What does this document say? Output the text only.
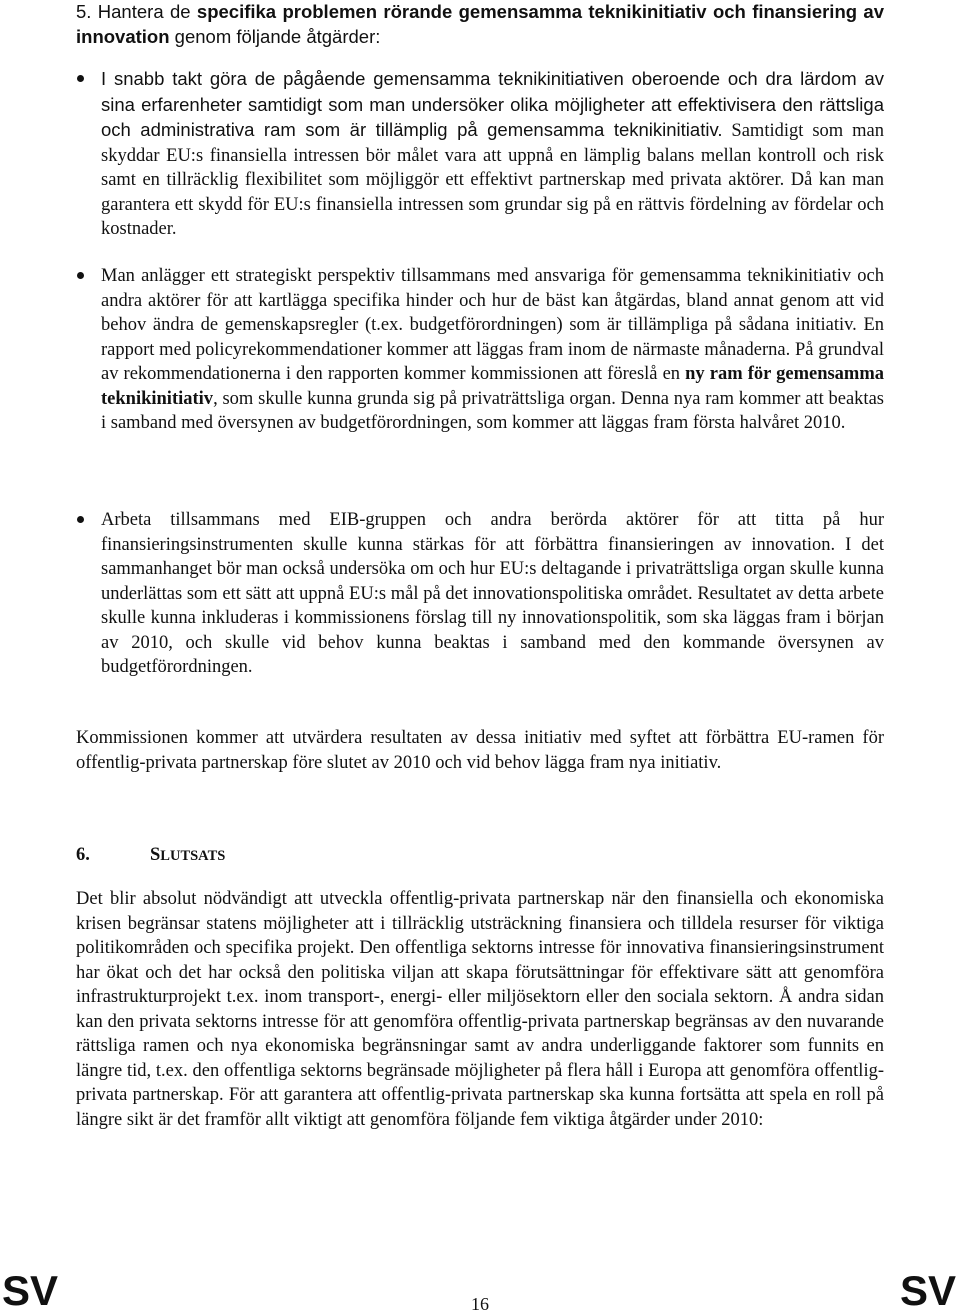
5. Hantera de specifika problemen rörande gemensamma teknikinitiativ och finansiering av innovation genom följande åtgärder:
I snabb takt göra de pågående gemensamma teknikinitiativen oberoende och dra lärdom av sina erfarenheter samtidigt som man undersöker olika möjligheter att effektivisera den rättsliga och administrativa ram som är tillämplig på gemensamma teknikinitiativ. Samtidigt som man skyddar EU:s finansiella intressen bör målet vara att uppnå en lämplig balans mellan kontroll och risk samt en tillräcklig flexibilitet som möjliggör ett effektivt partnerskap med privata aktörer. Då kan man garantera ett skydd för EU:s finansiella intressen som grundar sig på en rättvis fördelning av fördelar och kostnader.
Man anlägger ett strategiskt perspektiv tillsammans med ansvariga för gemensamma teknikinitiativ och andra aktörer för att kartlägga specifika hinder och hur de bäst kan åtgärdas, bland annat genom att vid behov ändra de gemenskapsregler (t.ex. budgetförordningen) som är tillämpliga på sådana initiativ. En rapport med policyrekommendationer kommer att läggas fram inom de närmaste månaderna. På grundval av rekommendationerna i den rapporten kommer kommissionen att föreslå en ny ram för gemensamma teknikinitiativ, som skulle kunna grunda sig på privaträttsliga organ. Denna nya ram kommer att beaktas i samband med översynen av budgetförordningen, som kommer att läggas fram första halvåret 2010.
Arbeta tillsammans med EIB-gruppen och andra berörda aktörer för att titta på hur finansieringsinstrumenten skulle kunna stärkas för att förbättra finansieringen av innovation. I det sammanhanget bör man också undersöka om och hur EU:s deltagande i privaträttsliga organ skulle kunna underlättas som ett sätt att uppnå EU:s mål på det innovationspolitiska området. Resultatet av detta arbete skulle kunna inkluderas i kommissionens förslag till ny innovationspolitik, som ska läggas fram i början av 2010, och skulle vid behov kunna beaktas i samband med den kommande översynen av budgetförordningen.
Kommissionen kommer att utvärdera resultaten av dessa initiativ med syftet att förbättra EU-ramen för offentlig-privata partnerskap före slutet av 2010 och vid behov lägga fram nya initiativ.
6.	SLUTSATS
Det blir absolut nödvändigt att utveckla offentlig-privata partnerskap när den finansiella och ekonomiska krisen begränsar statens möjligheter att i tillräcklig utsträckning finansiera och tilldela resurser för viktiga politikområden och specifika projekt. Den offentliga sektorns intresse för innovativa finansieringsinstrument har ökat och det har också den politiska viljan att skapa förutsättningar för effektivare sätt att genomföra infrastrukturprojekt t.ex. inom transport-, energi- eller miljösektorn eller den sociala sektorn. Å andra sidan kan den privata sektorns intresse för att genomföra offentlig-privata partnerskap begränsas av den nuvarande rättsliga ramen och nya ekonomiska begränsningar samt av andra underliggande faktorer som funnits en längre tid, t.ex. den offentliga sektorns begränsade möjligheter på flera håll i Europa att genomföra offentlig-privata partnerskap. För att garantera att offentlig-privata partnerskap ska kunna fortsätta att spela en roll på längre sikt är det framför allt viktigt att genomföra följande fem viktiga åtgärder under 2010:
SV	16	SV
